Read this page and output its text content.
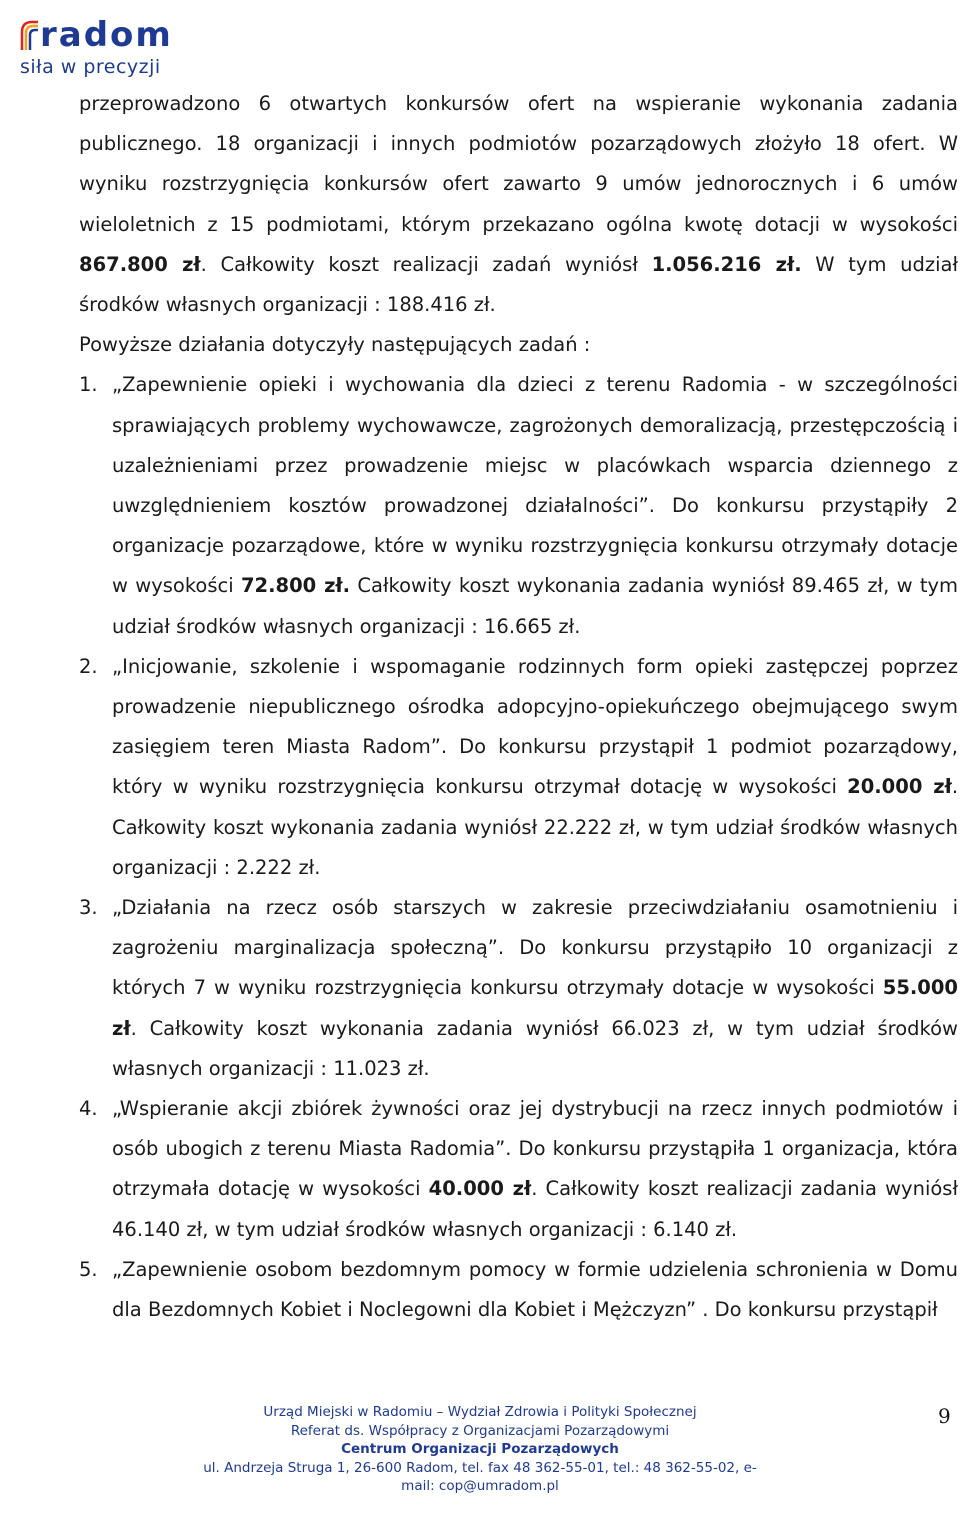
radom
siła w precyzji

przeprowadzono 6 otwartych konkursów ofert na wspieranie wykonania zadania publicznego. 18 organizacji i innych podmiotów pozarządowych złożyło 18 ofert. W wyniku rozstrzygnięcia konkursów ofert zawarto 9 umów jednorocznych i 6 umów wieloletnich z 15 podmiotami, którym przekazano ogólna kwotę dotacji w wysokości 867.800 zł. Całkowity koszt realizacji zadań wyniósł 1.056.216 zł. W tym udział środków własnych organizacji : 188.416 zł.

Powyższe działania dotyczyły następujących zadań :

1. „Zapewnienie opieki i wychowania dla dzieci z terenu Radomia - w szczególności sprawiających problemy wychowawcze, zagrożonych demoralizacją, przestępczością i uzależnieniami przez prowadzenie miejsc w placówkach wsparcia dziennego z uwzględnieniem kosztów prowadzonej działalności”. Do konkursu przystąpiły 2 organizacje pozarządowe, które w wyniku rozstrzygnięcia konkursu otrzymały dotacje w wysokości 72.800 zł. Całkowity koszt wykonania zadania wyniósł 89.465 zł, w tym udział środków własnych organizacji : 16.665 zł.
2. „Inicjowanie, szkolenie i wspomaganie rodzinnych form opieki zastępczej poprzez prowadzenie niepublicznego ośrodka adopcyjno-opiekuńczego obejmującego swym zasięgiem teren Miasta Radom”. Do konkursu przystąpił 1 podmiot pozarządowy, który w wyniku rozstrzygnięcia konkursu otrzymał dotację w wysokości 20.000 zł. Całkowity koszt wykonania zadania wyniósł 22.222 zł, w tym udział środków własnych organizacji : 2.222 zł.
3. „Działania na rzecz osób starszych w zakresie przeciwdziałaniu osamotnieniu i zagrożeniu marginalizacja społeczną”. Do konkursu przystąpiło 10 organizacji z których 7 w wyniku rozstrzygnięcia konkursu otrzymały dotacje w wysokości 55.000 zł. Całkowity koszt wykonania zadania wyniósł 66.023 zł, w tym udział środków własnych organizacji : 11.023 zł.
4. „Wspieranie akcji zbiórek żywności oraz jej dystrybucji na rzecz innych podmiotów i osób ubogich z terenu Miasta Radomia”. Do konkursu przystąpiła 1 organizacja, która otrzymała dotację w wysokości 40.000 zł. Całkowity koszt realizacji zadania wyniósł 46.140 zł, w tym udział środków własnych organizacji : 6.140 zł.
5. „Zapewnienie osobom bezdomnym pomocy w formie udzielenia schronienia w Domu dla Bezdomnych Kobiet i Noclegowni dla Kobiet i Mężczyzn” . Do konkursu przystąpił
Urząd Miejski w Radomiu – Wydział Zdrowia i Polityki Społecznej
Referat ds. Współpracy z Organizacjami Pozarządowymi
Centrum Organizacji Pozarządowych
ul. Andrzeja Struga 1, 26-600 Radom, tel. fax 48 362-55-01, tel.: 48 362-55-02, e-mail: cop@umradom.pl
9
